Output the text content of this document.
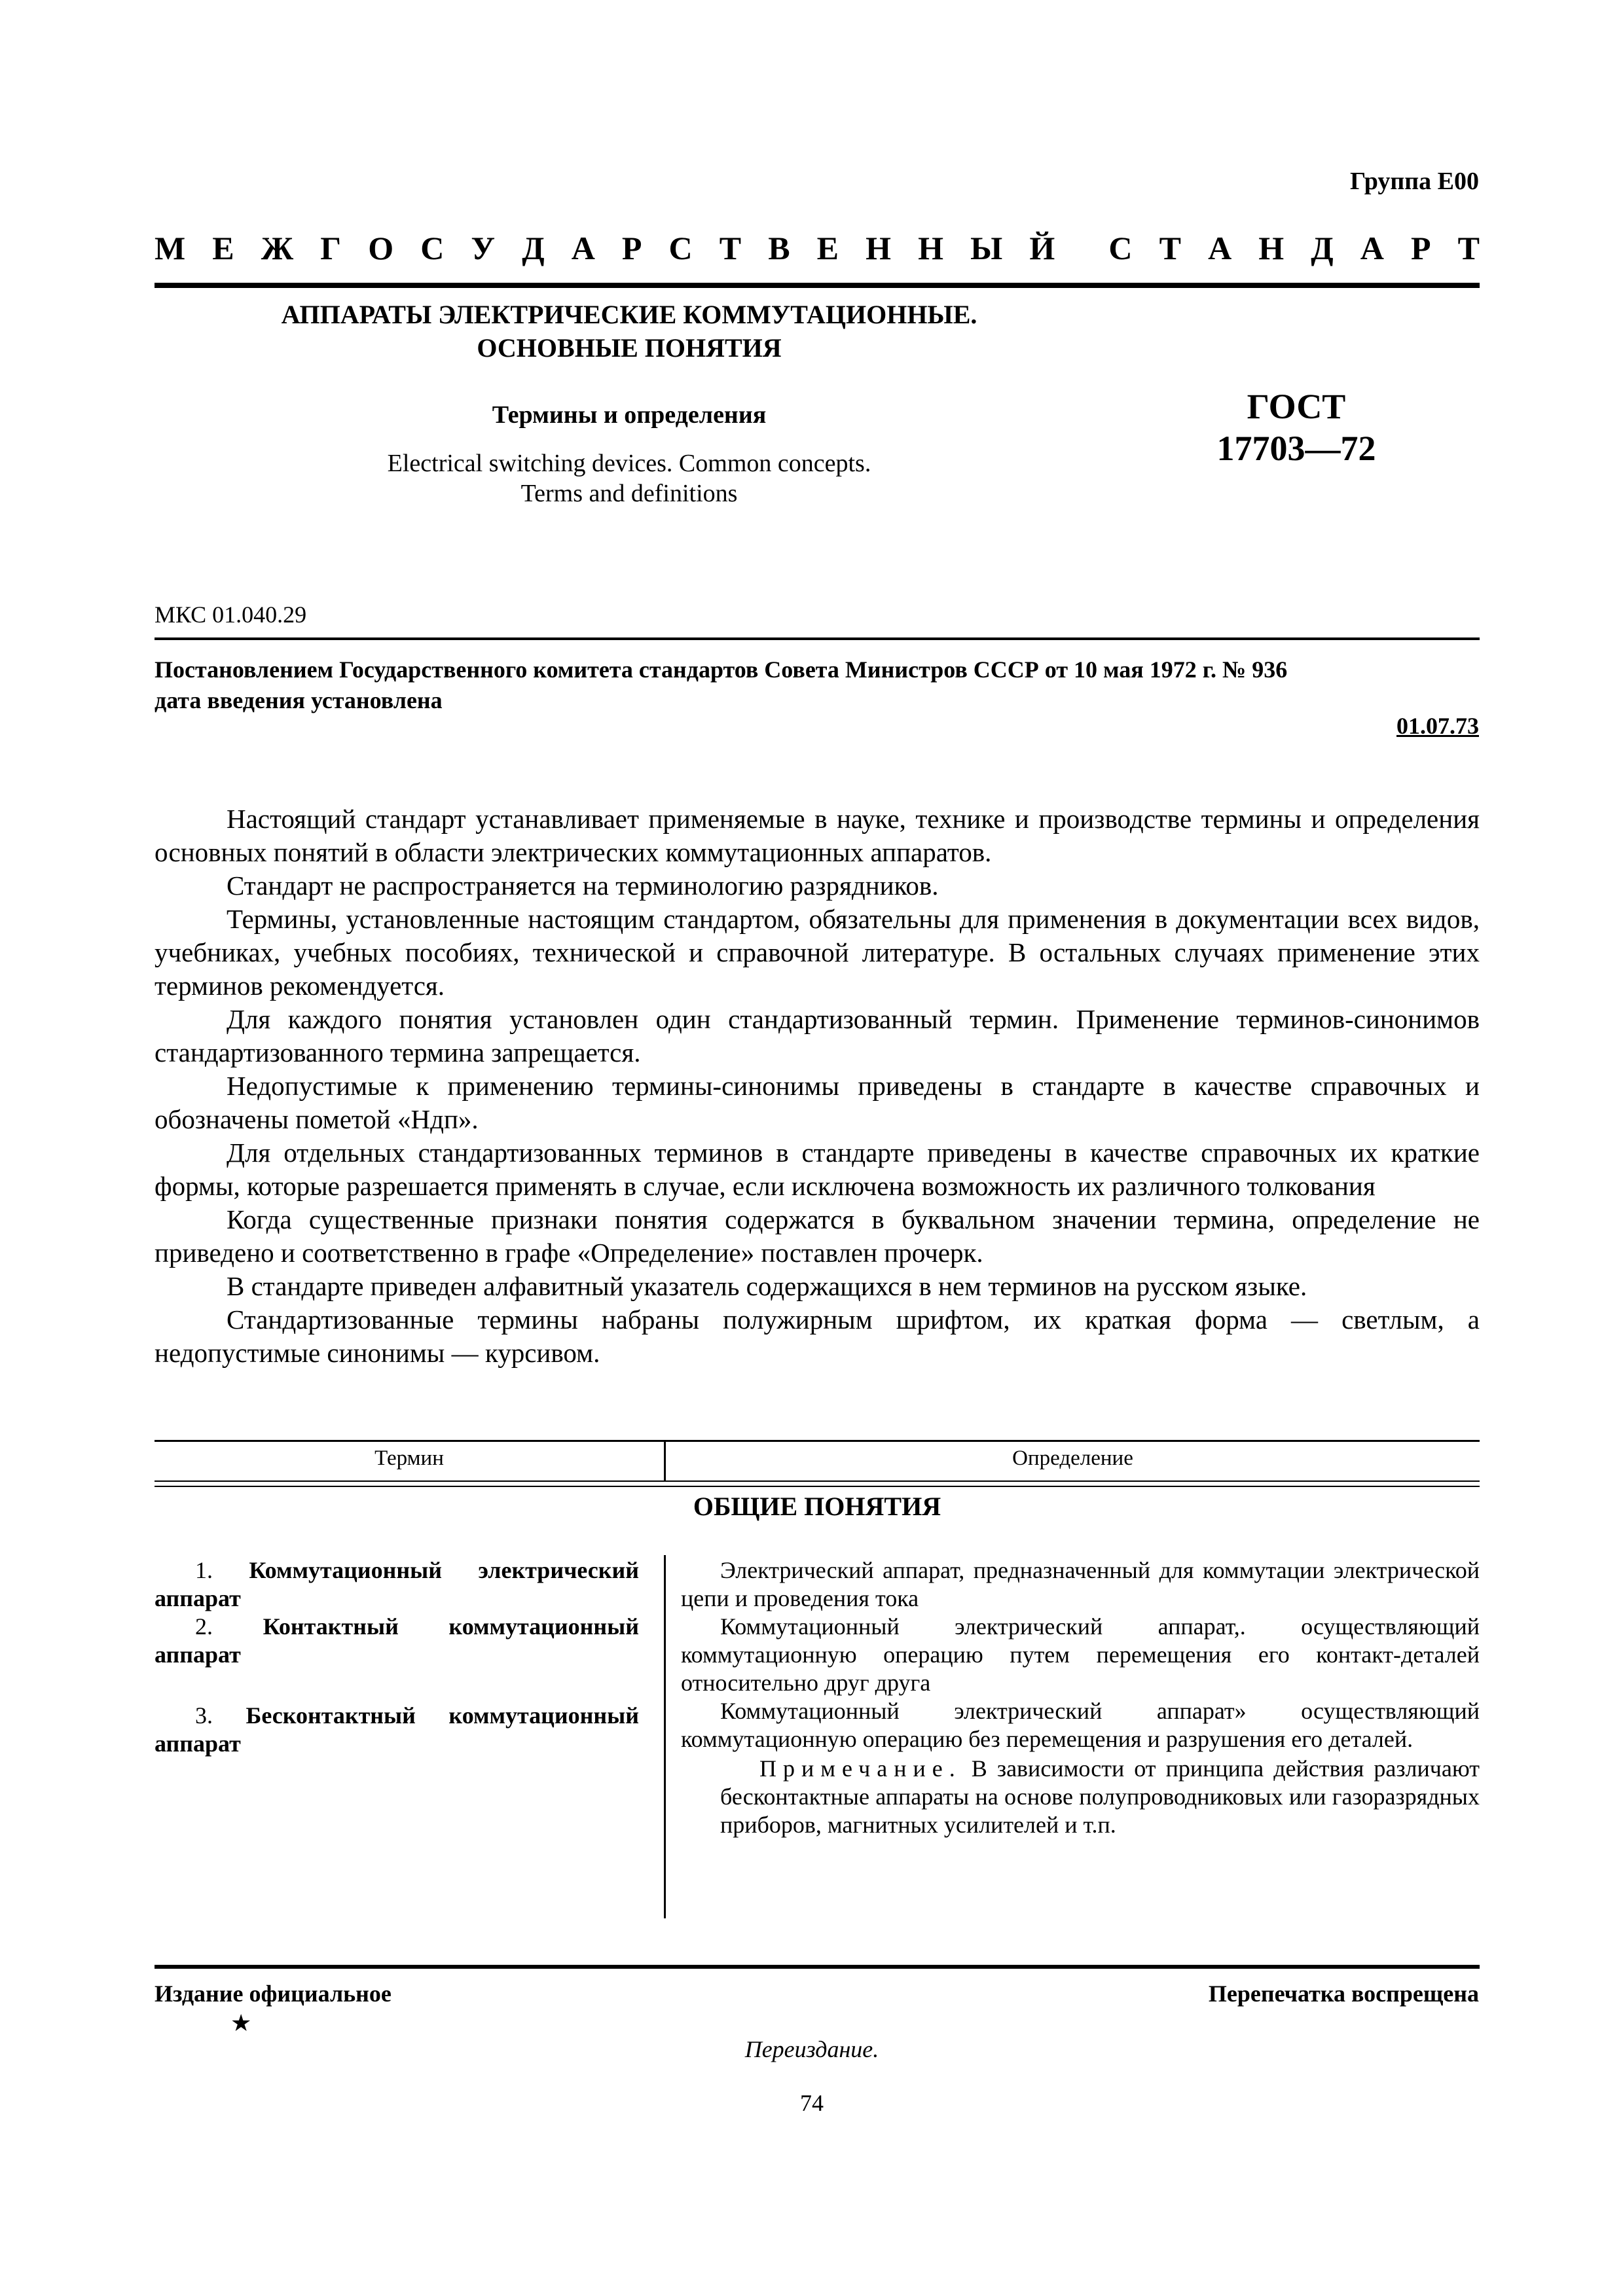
Группа Е00
М Е Ж Г О С У Д А Р С Т В Е Н Н Ы Й С Т А Н Д А Р Т
АППАРАТЫ ЭЛЕКТРИЧЕСКИЕ КОММУТАЦИОННЫЕ.
ОСНОВНЫЕ ПОНЯТИЯ
Термины и определения
Electrical switching devices. Common concepts.
Terms and definitions
ГОСТ
17703—72
МКС 01.040.29
Постановлением Государственного комитета стандартов Совета Министров СССР от 10 мая 1972 г. № 936
дата введения установлена
01.07.73

Настоящий стандарт устанавливает применяемые в науке, технике и производстве термины и определения основных понятий в области электрических коммутационных аппаратов.

Стандарт не распространяется на терминологию разрядников.

Термины, установленные настоящим стандартом, обязательны для применения в документации всех видов, учебниках, учебных пособиях, технической и справочной литературе. В остальных случаях применение этих терминов рекомендуется.

Для каждого понятия установлен один стандартизованный термин. Применение терминов-синонимов стандартизованного термина запрещается.

Недопустимые к применению термины-синонимы приведены в стандарте в качестве справочных и обозначены пометой «Ндп».

Для отдельных стандартизованных терминов в стандарте приведены в качестве справочных их краткие формы, которые разрешается применять в случае, если исключена возможность их различного толкования

Когда существенные признаки понятия содержатся в буквальном значении термина, определение не приведено и соответственно в графе «Определение» поставлен прочерк.

В стандарте приведен алфавитный указатель содержащихся в нем терминов на русском языке.

Стандартизованные термины набраны полужирным шрифтом, их краткая форма — светлым, а недопустимые синонимы — курсивом.

Термин	Определение
ОБЩИЕ ПОНЯТИЯ
1. Коммутационный электрический аппарат
2. Контактный коммутационный аппарат
3. Бесконтактный коммутационный аппарат

Электрический аппарат, предназначенный для коммутации электрической цепи и проведения тока

Коммутационный электрический аппарат,. осуществляющий коммутационную операцию путем перемещения его контакт-деталей относительно друг друга

Коммутационный электрический аппарат» осуществляющий коммутационную операцию без перемещения и разрушения его деталей.

Примечание. В зависимости от принципа действия различают бесконтактные аппараты на основе полупроводниковых или газоразрядных приборов, магнитных усилителей и т.п.
Издание официальное	Перепечатка воспрещена
★
Переиздание.
74
